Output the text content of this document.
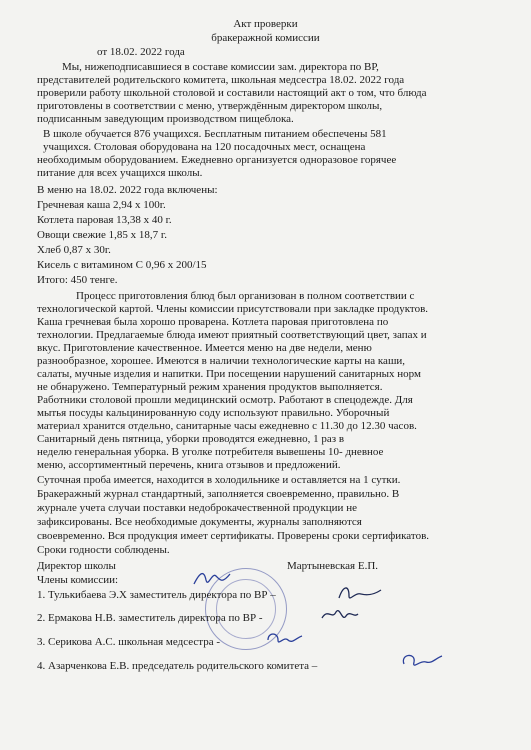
Акт проверки

бракеражной комиссии

от 18.02. 2022 года

Мы, нижеподписавшиеся в составе комиссии зам. директора по ВР,

представителей родительского комитета, школьная медсестра 18.02. 2022 года

проверили работу школьной столовой и составили настоящий акт о том, что блюда

приготовлены в соответствии с меню, утверждённым директором школы,

подписанным заведующим производством пищеблока.

В школе обучается 876 учащихся. Бесплатным питанием обеспечены 581

учащихся. Столовая оборудована на 120 посадочных мест, оснащена

необходимым оборудованием. Ежедневно организуется одноразовое горячее

питание для всех учащихся школы.

В меню на 18.02. 2022 года включены:

Гречневая каша 2,94 х 100г.

Котлета паровая 13,38 х 40 г.

Овощи свежие 1,85 х 18,7 г.

Хлеб 0,87 х 30г.

Кисель с витамином С 0,96 х 200/15

Итого: 450 тенге.

Процесс приготовления блюд был организован в полном соответствии с

технологической картой. Члены комиссии присутствовали при закладке продуктов.

Каша гречневая была хорошо проварена. Котлета паровая приготовлена по

технологии. Предлагаемые блюда имеют приятный соответствующий цвет, запах и

вкус. Приготовление качественное. Имеется меню на две недели, меню

разнообразное, хорошее. Имеются в наличии технологические карты на каши,

салаты, мучные изделия и напитки. При посещении нарушений санитарных норм

не обнаружено. Температурный режим хранения продуктов выполняется.

Работники столовой прошли медицинский осмотр. Работают в спецодежде. Для

мытья посуды кальцинированную соду используют правильно. Уборочный

материал хранится отдельно, санитарные часы ежедневно с 11.30 до 12.30 часов.

Санитарный день пятница, уборки проводятся ежедневно, 1 раз в

неделю генеральная уборка. В уголке потребителя вывешены 10- дневное

меню, ассортиментный перечень, книга отзывов и предложений.

Суточная проба имеется, находится в холодильнике и оставляется на 1 сутки.

Бракеражный журнал стандартный, заполняется своевременно, правильно. В

журнале учета случаи поставки недоброкачественной продукции не

зафиксированы. Все необходимые документы, журналы заполняются

своевременно. Вся продукция имеет сертификаты. Проверены сроки сертификатов.

Сроки годности соблюдены.

Директор школы	Мартыневская Е.П.

Члены комиссии:

1. Тулькибаева Э.Х заместитель директора по ВР –

2. Ермакова Н.В. заместитель директора по ВР -

3. Серикова А.С. школьная медсестра -

4. Азарченкова Е.В. председатель родительского комитета –
